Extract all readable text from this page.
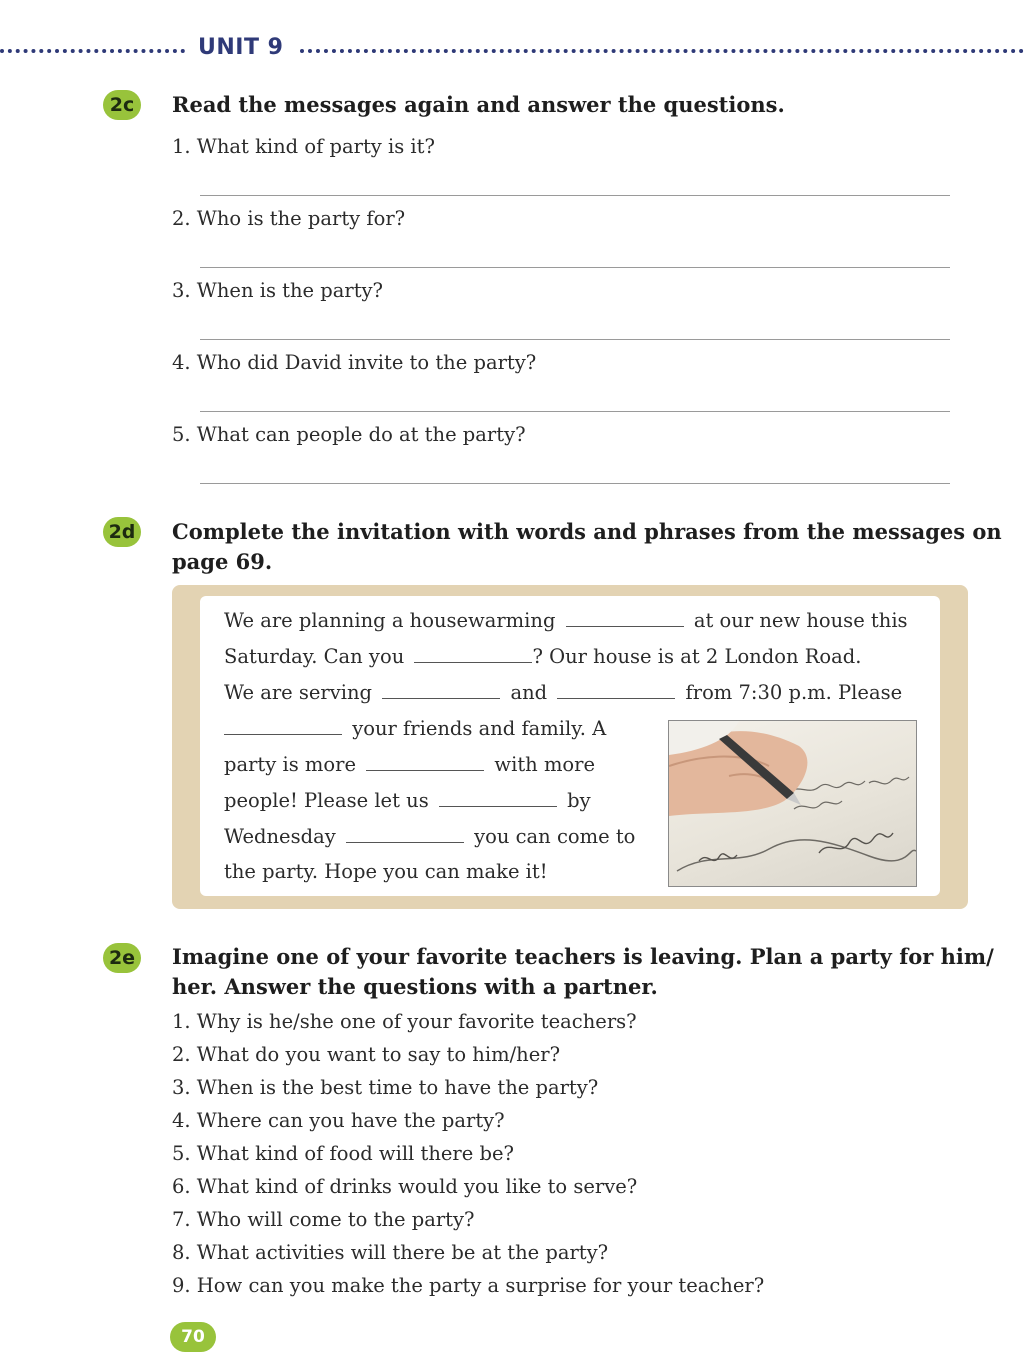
UNIT 9
2c	Read the messages again and answer the questions.
1. What kind of party is it?
2. Who is the party for?
3. When is the party?
4. Who did David invite to the party?
5. What can people do at the party?
2d Complete the invitation with words and phrases from the messages on
page 69.
We are planning a housewarming	at our new house this
Saturday. Can you	? Our house is at 2 London Road.
We are serving	and	from 7:30 p.m. Please
your friends and family. A
party is more	with more
people! Please let us	by
Wednesday	you can come to
the party. Hope you can make it!
2e Imagine one of your favorite teachers is leaving. Plan a party for him/
her. Answer the questions with a partner.
1. Why is he/she one of your favorite teachers?
2. What do you want to say to him/her?
3. When is the best time to have the party?
4. Where can you have the party?
5. What kind of food will there be?
6. What kind of drinks would you like to serve?
7. Who will come to the party?
8. What activities will there be at the party?
9. How can you make the party a surprise for your teacher?
70
